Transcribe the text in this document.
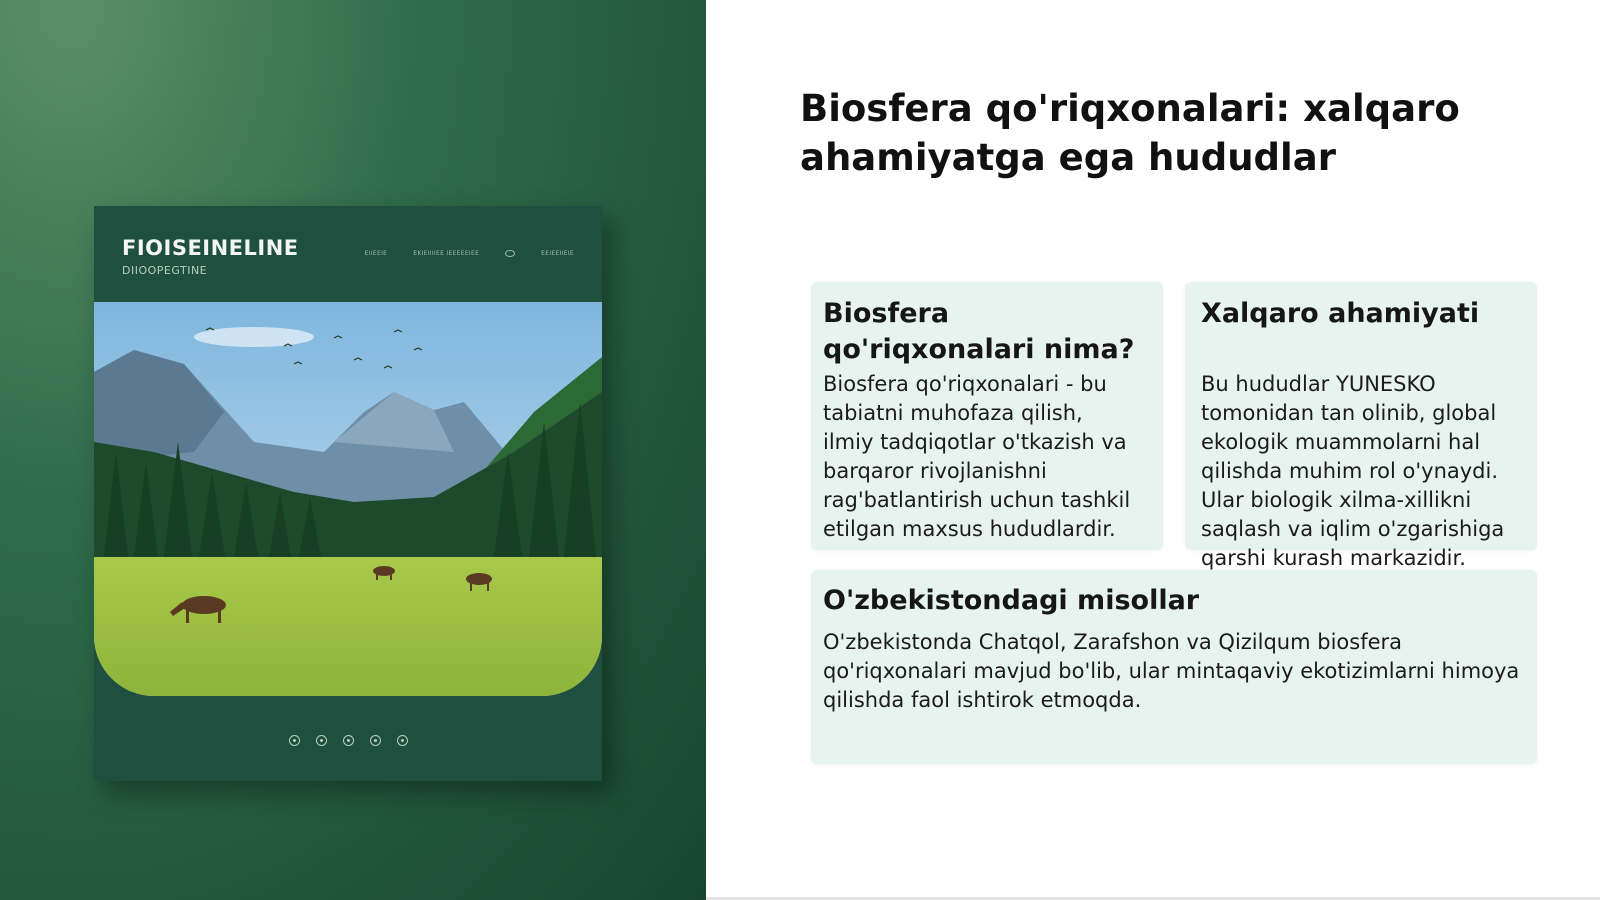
FIOISEINELINE
DIIOOPEGTINE
EIIEEIE	EKIEIIIIEE IEEEEEIEE	EEIEEIIEIE
Biosfera qo'riqxonalari: xalqaro
ahamiyatga ega hududlar
Biosfera
qo'riqxonalari nima?
Biosfera qo'riqxonalari - bu
tabiatni muhofaza qilish,
ilmiy tadqiqotlar o'tkazish va
barqaror rivojlanishni
rag'batlantirish uchun tashkil
etilgan maxsus hududlardir.
Xalqaro ahamiyati
Bu hududlar YUNESKO
tomonidan tan olinib, global
ekologik muammolarni hal
qilishda muhim rol o'ynaydi.
Ular biologik xilma-xillikni
saqlash va iqlim o'zgarishiga
qarshi kurash markazidir.
O'zbekistondagi misollar
O'zbekistonda Chatqol, Zarafshon va Qizilqum biosfera
qo'riqxonalari mavjud bo'lib, ular mintaqaviy ekotizimlarni himoya
qilishda faol ishtirok etmoqda.
